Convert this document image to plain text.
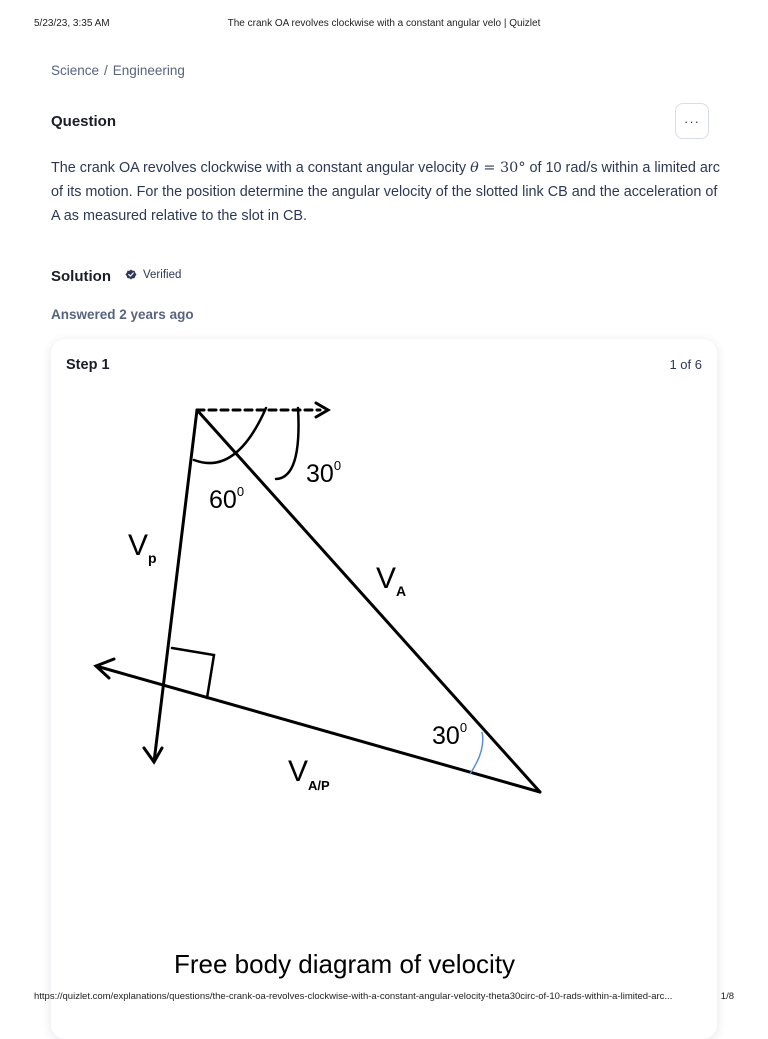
5/23/23, 3:35 AM	The crank OA revolves clockwise with a constant angular velo | Quizlet
Science / Engineering
Question	···
The crank OA revolves clockwise with a constant angular velocity θ = 30° of 10 rad/s within a limited arc of its motion. For the position determine the angular velocity of the slotted link CB and the acceleration of A as measured relative to the slot in CB.
Solution	Verified
Answered 2 years ago
Step 1	1 of 6
$30^0$
$60^0$
$V_p$
$V_A$
$30^0$
$V_{A/P}$
Free body diagram of velocity
https://quizlet.com/explanations/questions/the-crank-oa-revolves-clockwise-with-a-constant-angular-velocity-theta30circ-of-10-rads-within-a-limited-arc...	1/8
